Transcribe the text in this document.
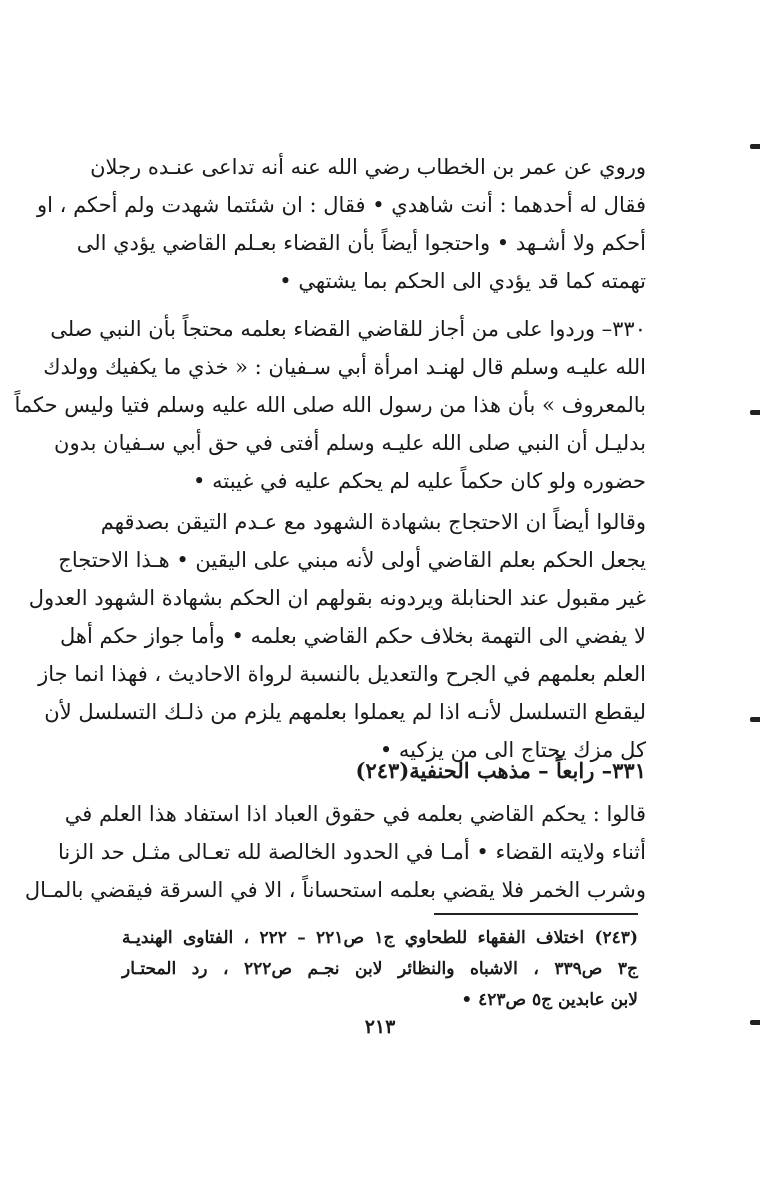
وروي عن عمر بن الخطاب رضي الله عنه أنه تداعى عنـده رجلان
فقال له أحدهما : أنت شاهدي • فقال : ان شئتما شهدت ولم أحكم ، او
أحكم ولا أشـهد • واحتجوا أيضاً بأن القضاء بعـلم القاضي يؤدي الى
تهمته كما قد يؤدي الى الحكم بما يشتهي •
٣٣٠– وردوا على من أجاز للقاضي القضاء بعلمه محتجاً بأن النبي صلى
الله عليـه وسلم قال لهنـد امرأة أبي سـفيان : « خذي ما يكفيك وولدك
بالمعروف » بأن هذا من رسول الله صلى الله عليه وسلم فتيا وليس حكماً
بدليـل أن النبي صلى الله عليـه وسلم أفتى في حق أبي سـفيان بدون
حضوره ولو كان حكماً عليه لم يحكم عليه في غيبته •
وقالوا أيضاً ان الاحتجاج بشهادة الشهود مع عـدم التيقن بصدقهم
يجعل الحكم بعلم القاضي أولى لأنه مبني على اليقين • هـذا الاحتجاج
غير مقبول عند الحنابلة ويردونه بقولهم ان الحكم بشهادة الشهود العدول
لا يفضي الى التهمة بخلاف حكم القاضي بعلمه • وأما جواز حكم أهل
العلم بعلمهم في الجرح والتعديل بالنسبة لرواة الاحاديث ، فهذا انما جاز
ليقطع التسلسل لأنـه اذا لم يعملوا بعلمهم يلزم من ذلـك التسلسل لأن
كل مزك يحتاج الى من يزكيه •
٣٣١– رابعاً – مذهب الحنفية(٢٤٣)
قالوا : يحكم القاضي بعلمه في حقوق العباد اذا استفاد هذا العلم في
أثناء ولايته القضاء • أمـا في الحدود الخالصة لله تعـالى مثـل حد الزنا
وشرب الخمر فلا يقضي بعلمه استحساناً ، الا في السرقة فيقضي بالمـال
(٢٤٣) اختلاف الفقهاء للطحاوي ج١ ص٢٢١ – ٢٢٢ ، الفتاوى الهنديـة
ج٣ ص٣٣٩ ، الاشباه والنظائر لابن نجـم ص٢٢٢ ، رد المحتـار
لابن عابدين ج٥ ص٤٢٣ •
٢١٣
